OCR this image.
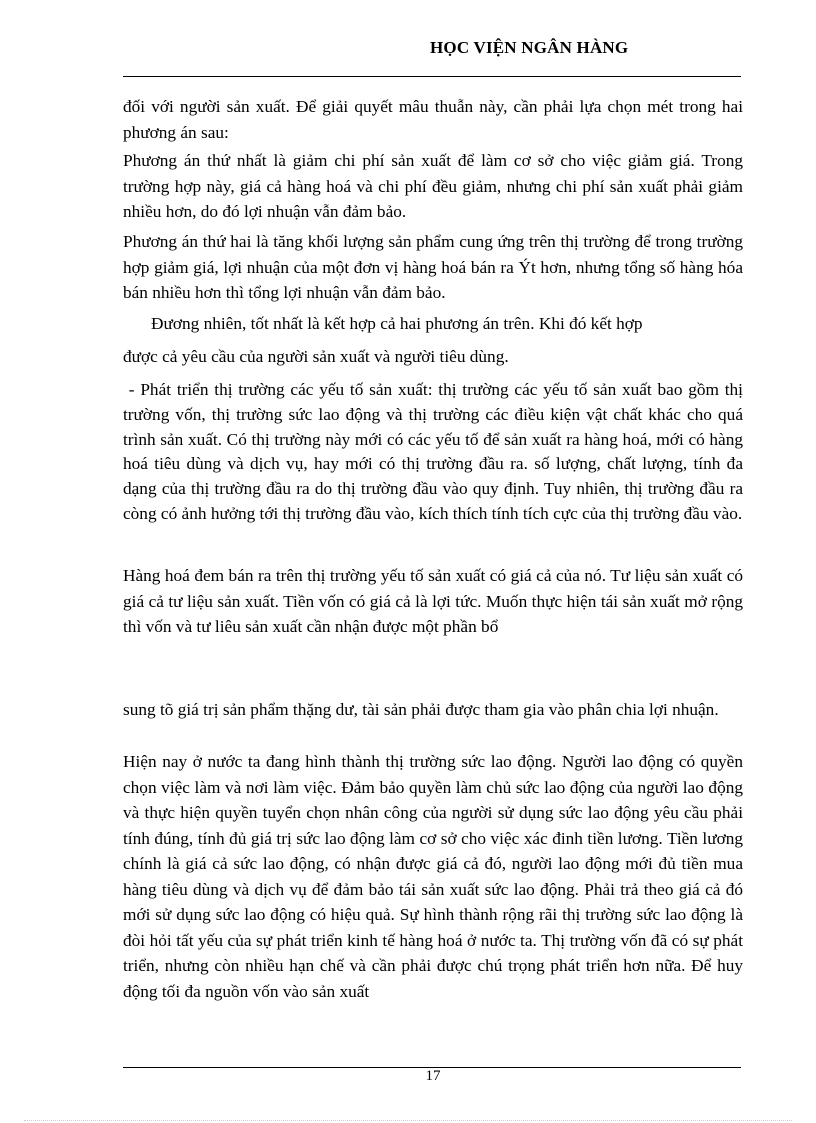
HỌC VIỆN NGÂN HÀNG
đối với người sản xuất. Để giải quyết mâu thuẫn này, cần phải lựa chọn mét trong hai phương án sau:
Phương án thứ nhất là giảm chi phí sản xuất để làm cơ sở cho việc giảm giá. Trong trường hợp này, giá cả hàng hoá và chi phí đều giảm, nhưng chi phí sản xuất phải giảm nhiều hơn, do đó lợi nhuận vẫn đảm bảo.
Phương án thứ hai là tăng khối lượng sản phẩm cung ứng trên thị trường để trong trường hợp giảm giá, lợi nhuận của một đơn vị hàng hoá bán ra Ýt hơn, nhưng tổng số hàng hóa bán nhiều hơn thì tổng lợi nhuận vẫn đảm bảo.
Đương nhiên, tốt nhất là kết hợp cả hai phương án trên. Khi đó kết hợp
được cả yêu cầu của người sản xuất và người tiêu dùng.
- Phát triển thị trường các yếu tố sản xuất: thị trường các yếu tố sản xuất bao gồm thị trường vốn, thị trường sức lao động và thị trường các điều kiện vật chất khác cho quá trình sản xuất. Có thị trường này mới có các yếu tố để sản xuất ra hàng hoá, mới có hàng hoá tiêu dùng và dịch vụ, hay mới có thị trường đầu ra. số lượng, chất lượng, tính đa dạng của thị trường đầu ra do thị trường đầu vào quy định. Tuy nhiên, thị trường đầu ra còng có ảnh hưởng tới thị trường đầu vào, kích thích tính tích cực của thị trường đầu vào.
Hàng hoá đem bán ra trên thị trường yếu tố sản xuất có giá cả của nó. Tư liệu sản xuất có giá cả tư liệu sản xuất. Tiền vốn có giá cả là lợi tức. Muốn thực hiện tái sản xuất mở rộng thì vốn và tư liêu sản xuất cần nhận được một phần bổ
sung tõ giá trị sản phẩm thặng dư, tài sản phải được tham gia vào phân chia lợi nhuận.
Hiện nay ở nước ta đang hình thành thị trường sức lao động. Người lao động có quyền chọn việc làm và nơi làm việc. Đảm bảo quyền làm chủ sức lao động của người lao động và thực hiện quyền tuyển chọn nhân công của người sử dụng sức lao động yêu cầu phải tính đúng, tính đủ giá trị sức lao động làm cơ sở cho việc xác đinh tiền lương. Tiền lương chính là giá cả sức lao động, có nhận được giá cả đó, người lao động mới đủ tiền mua hàng tiêu dùng và dịch vụ để đảm bảo tái sản xuất sức lao động. Phải trả theo giá cả đó mới sử dụng sức lao động có hiệu quả. Sự hình thành rộng rãi thị trường sức lao động là đòi hỏi tất yếu của sự phát triển kinh tế hàng hoá ở nước ta. Thị trường vốn đã có sự phát triển, nhưng còn nhiều hạn chế và cần phải được chú trọng phát triển hơn nữa. Để huy động tối đa nguồn vốn vào sản xuất
17
